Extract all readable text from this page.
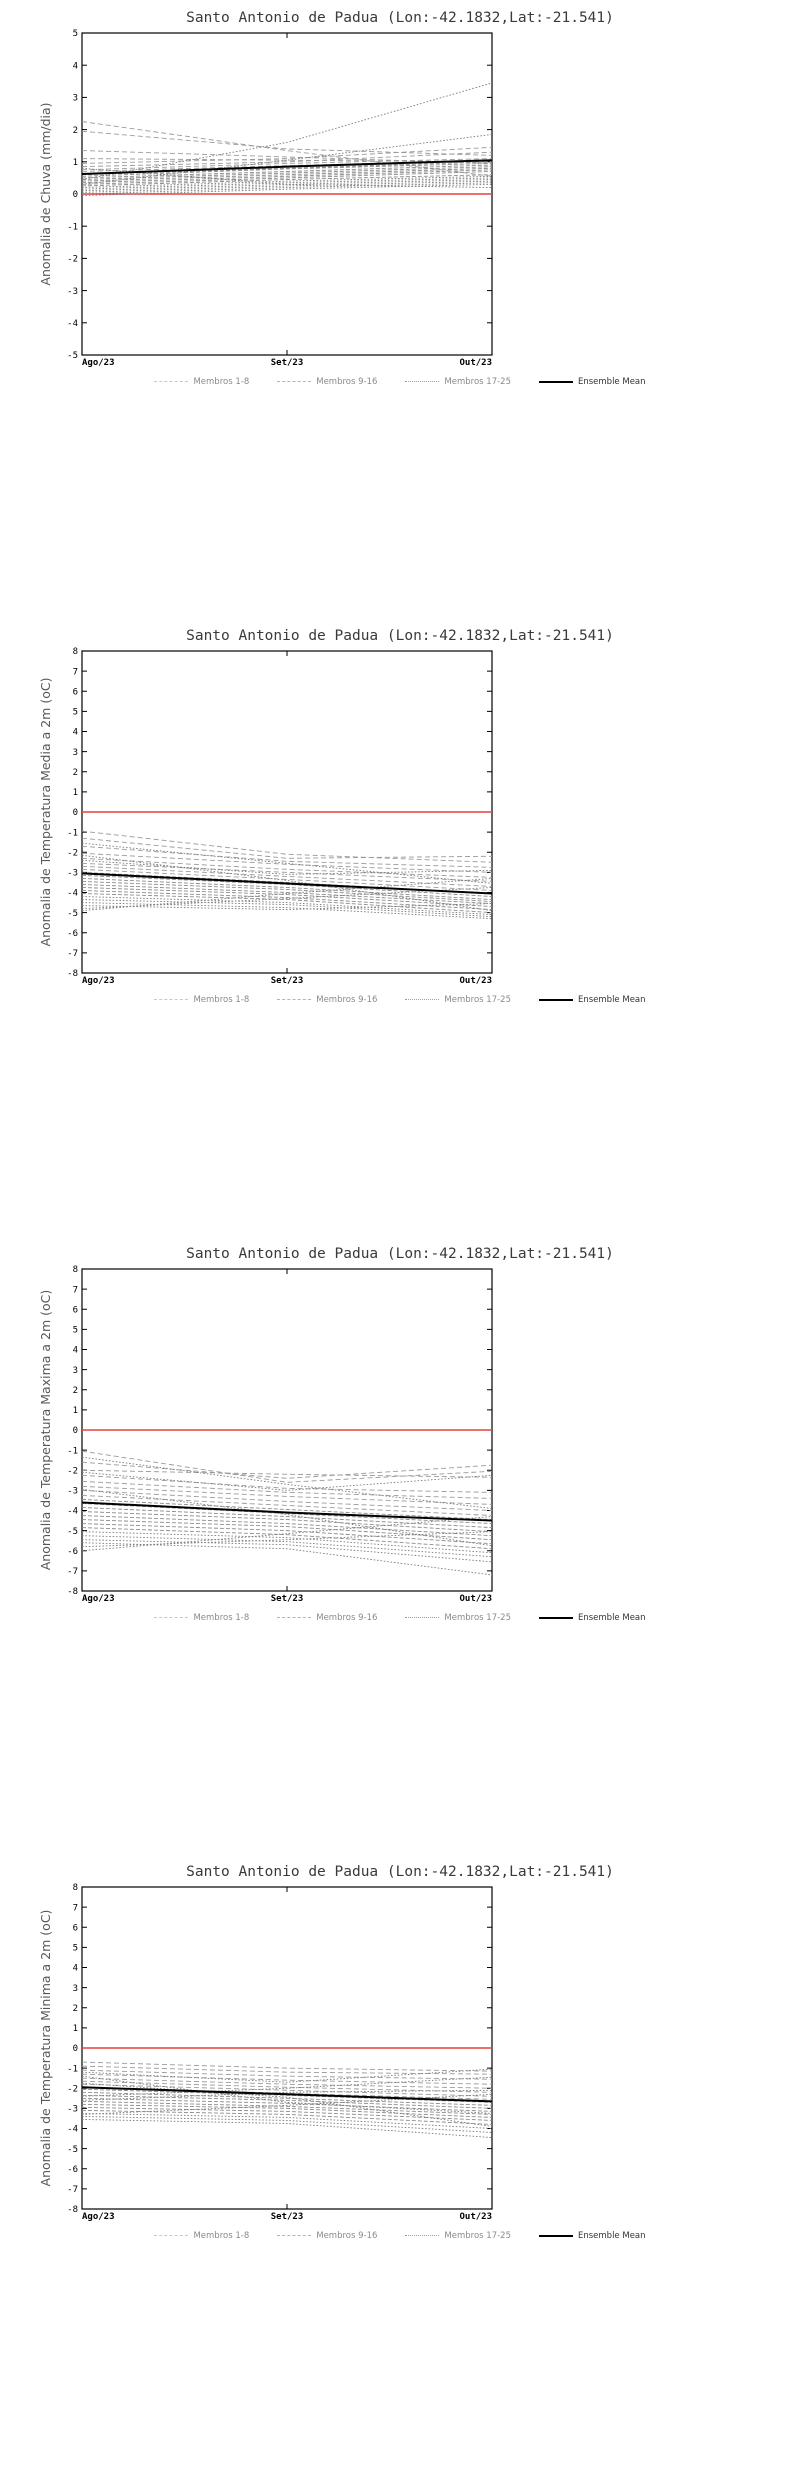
Santo Antonio de Padua (Lon:-42.1832,Lat:-21.541)
-5
-4
-3
-2
-1
0
1
2
3
4
5
Ago/23	Set/23	Out/23
Anomalia de Chuva (mm/dia)
Membros 1-8	Membros 9-16	Membros 17-25	Ensemble Mean
Santo Antonio de Padua (Lon:-42.1832,Lat:-21.541)
-8
-7
-6
-5
-4
-3
-2
-1
0
1
2
3
4
5
6
7
8
Ago/23	Set/23	Out/23
Anomalia de Temperatura Media a 2m (oC)
Membros 1-8	Membros 9-16	Membros 17-25	Ensemble Mean
Santo Antonio de Padua (Lon:-42.1832,Lat:-21.541)
-8
-7
-6
-5
-4
-3
-2
-1
0
1
2
3
4
5
6
7
8
Ago/23	Set/23	Out/23
Anomalia de Temperatura Maxima a 2m (oC)
Membros 1-8	Membros 9-16	Membros 17-25	Ensemble Mean
Santo Antonio de Padua (Lon:-42.1832,Lat:-21.541)
-8
-7
-6
-5
-4
-3
-2
-1
0
1
2
3
4
5
6
7
8
Ago/23	Set/23	Out/23
Anomalia de Temperatura Minima a 2m (oC)
Membros 1-8	Membros 9-16	Membros 17-25	Ensemble Mean
